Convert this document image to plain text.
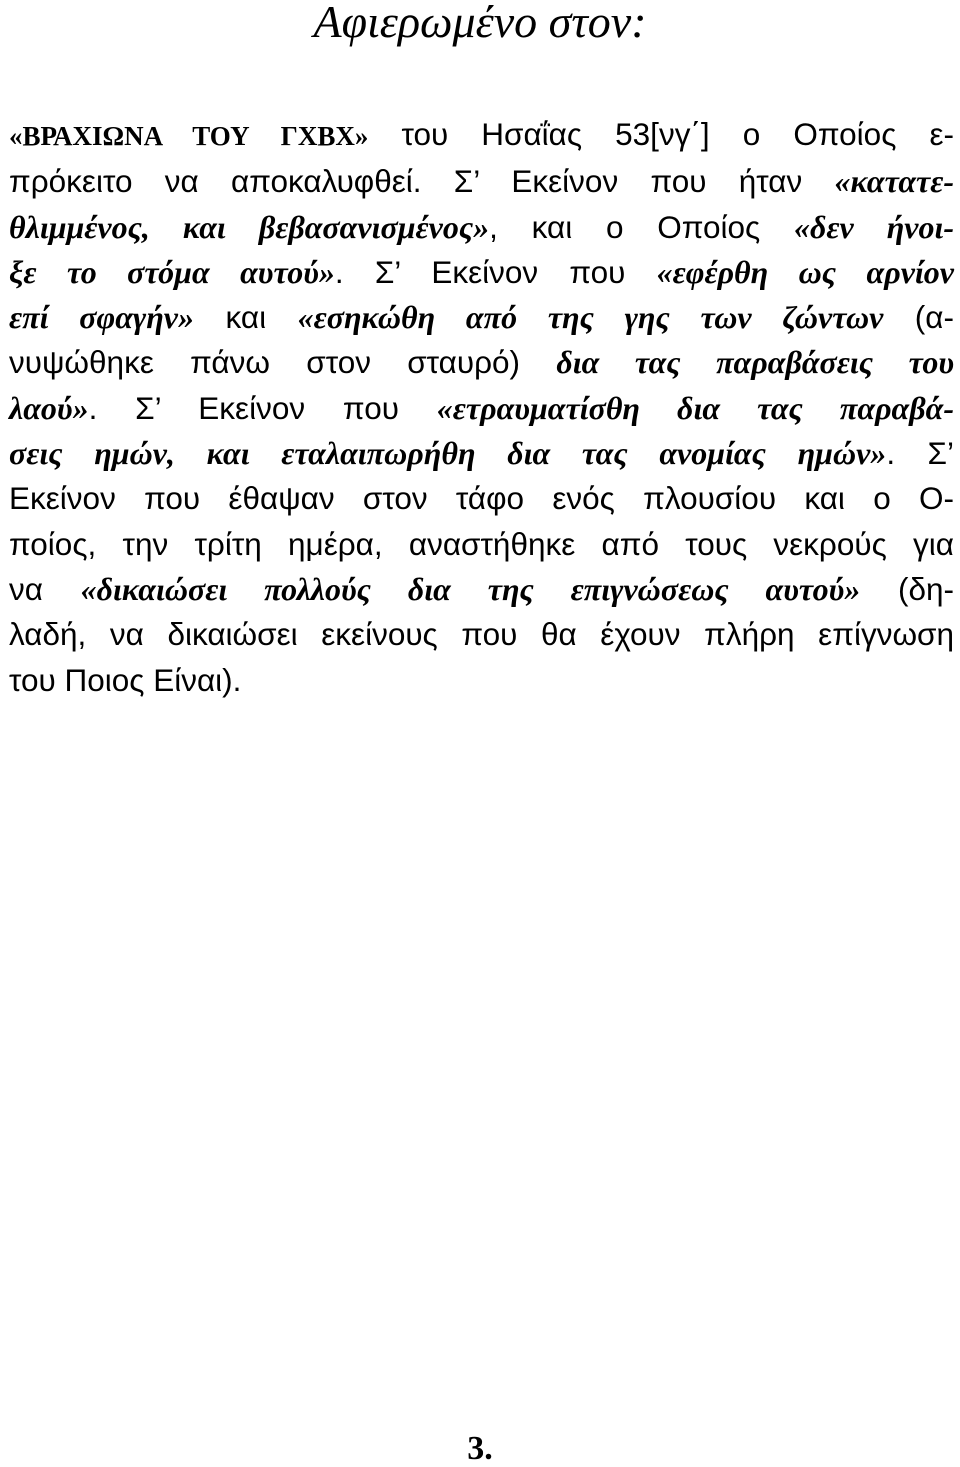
Αφιερωμένο στον:

«ΒΡΑΧΙΩΝΑ ΤΟΥ ΓΧΒΧ» του Ησαΐας 53[νγ΄] ο Οποίος ε-
πρόκειτο να αποκαλυφθεί. Σ’ Εκείνον που ήταν «κατατε-
θλιμμένος, και βεβασανισμένος», και ο Οποίος «δεν ήνοι-
ξε το στόμα αυτού». Σ’ Εκείνον που «εφέρθη ως αρνίον
επί σφαγήν» και «εσηκώθη από της γης των ζώντων (α-
νυψώθηκε πάνω στον σταυρό) δια τας παραβάσεις του
λαού». Σ’ Εκείνον που «ετραυματίσθη δια τας παραβά-
σεις ημών, και εταλαιπωρήθη δια τας ανομίας ημών». Σ’
Εκείνον που έθαψαν στον τάφο ενός πλουσίου και ο Ο-
ποίος, την τρίτη ημέρα, αναστήθηκε από τους νεκρούς για
να «δικαιώσει πολλούς δια της επιγνώσεως αυτού» (δη-
λαδή, να δικαιώσει εκείνους που θα έχουν πλήρη επίγνωση
του Ποιος Είναι).

3.
